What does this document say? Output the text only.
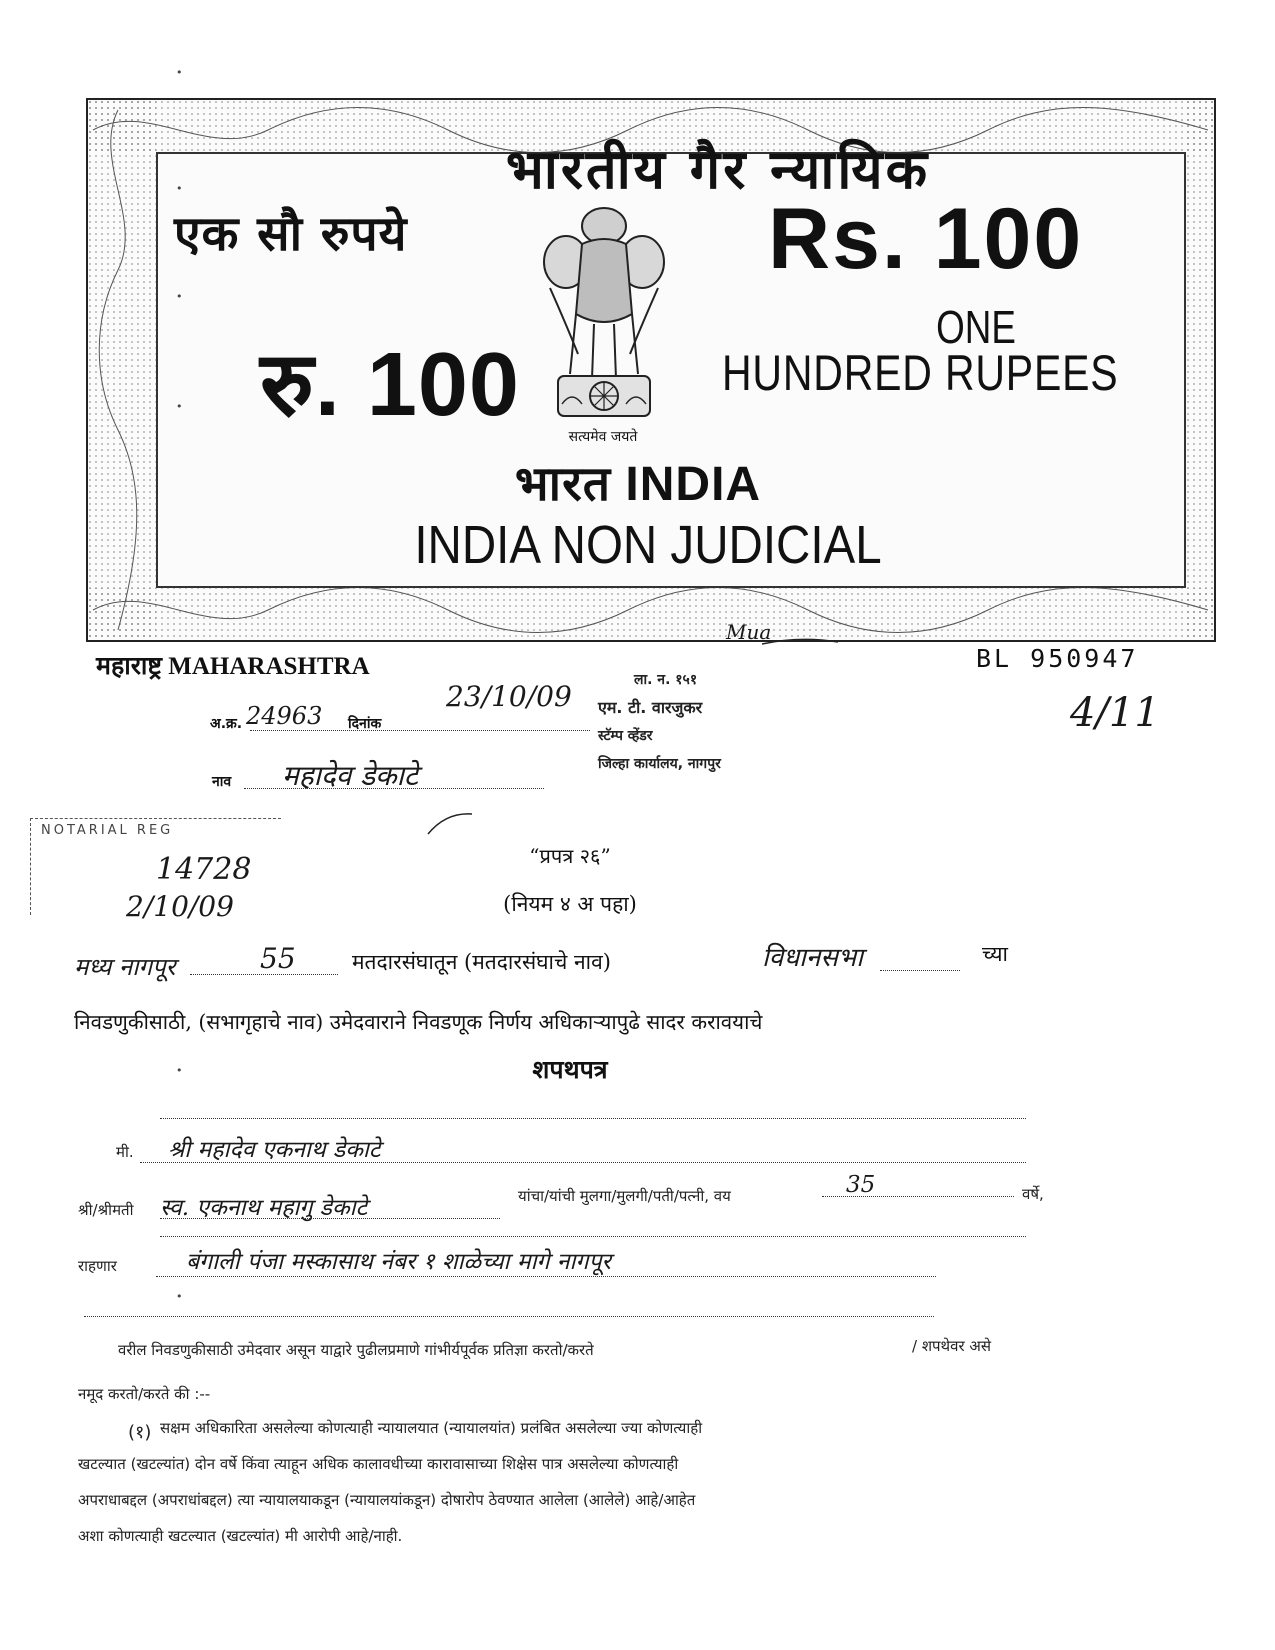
भारतीय गैर न्यायिक
एक सौ रुपये	Rs. 100
रु. 100
ONE
HUNDRED RUPEES
सत्यमेव जयते
भारत INDIA
INDIA NON JUDICIAL
Mua
महाराष्ट्र MAHARASHTRA	BL 950947
ला. न. १५१
एम. टी. वारजुकर
स्टॅम्प व्हेंडर
जिल्हा कार्यालय, नागपुर
अ.क्र. 24963 दिनांक
23/10/09
नाव महादेव डेकाटे
4/11
NOTARIAL REG
14728
2/10/09
•
•
•
•
•
•
“प्रपत्र २६”
(नियम ४ अ पहा)
मध्य नागपूर	55	मतदारसंघातून (मतदारसंघाचे नाव)	विधानसभा	च्या
निवडणुकीसाठी, (सभागृहाचे नाव) उमेदवाराने निवडणूक निर्णय अधिकाऱ्यापुढे सादर करावयाचे
शपथपत्र
मी. श्री महादेव एकनाथ डेकाटे
श्री/श्रीमती स्व. एकनाथ महागु डेकाटे	यांचा/यांची मुलगा/मुलगी/पती/पत्नी, वय	35	वर्षे,
राहणार	बंगाली पंजा मस्कासाथ नंबर १ शाळेच्या मागे नागपूर
वरील निवडणुकीसाठी उमेदवार असून याद्वारे पुढीलप्रमाणे गांभीर्यपूर्वक प्रतिज्ञा करतो/करते	/ शपथेवर असे
नमूद करतो/करते की :--
(१) सक्षम अधिकारिता असलेल्या कोणत्याही न्यायालयात (न्यायालयांत) प्रलंबित असलेल्या ज्या कोणत्याही
खटल्यात (खटल्यांत) दोन वर्षे किंवा त्याहून अधिक कालावधीच्या कारावासाच्या शिक्षेस पात्र असलेल्या कोणत्याही
अपराधाबद्दल (अपराधांबद्दल) त्या न्यायालयाकडून (न्यायालयांकडून) दोषारोप ठेवण्यात आलेला (आलेले) आहे/आहेत
अशा कोणत्याही खटल्यात (खटल्यांत) मी आरोपी आहे/नाही.
